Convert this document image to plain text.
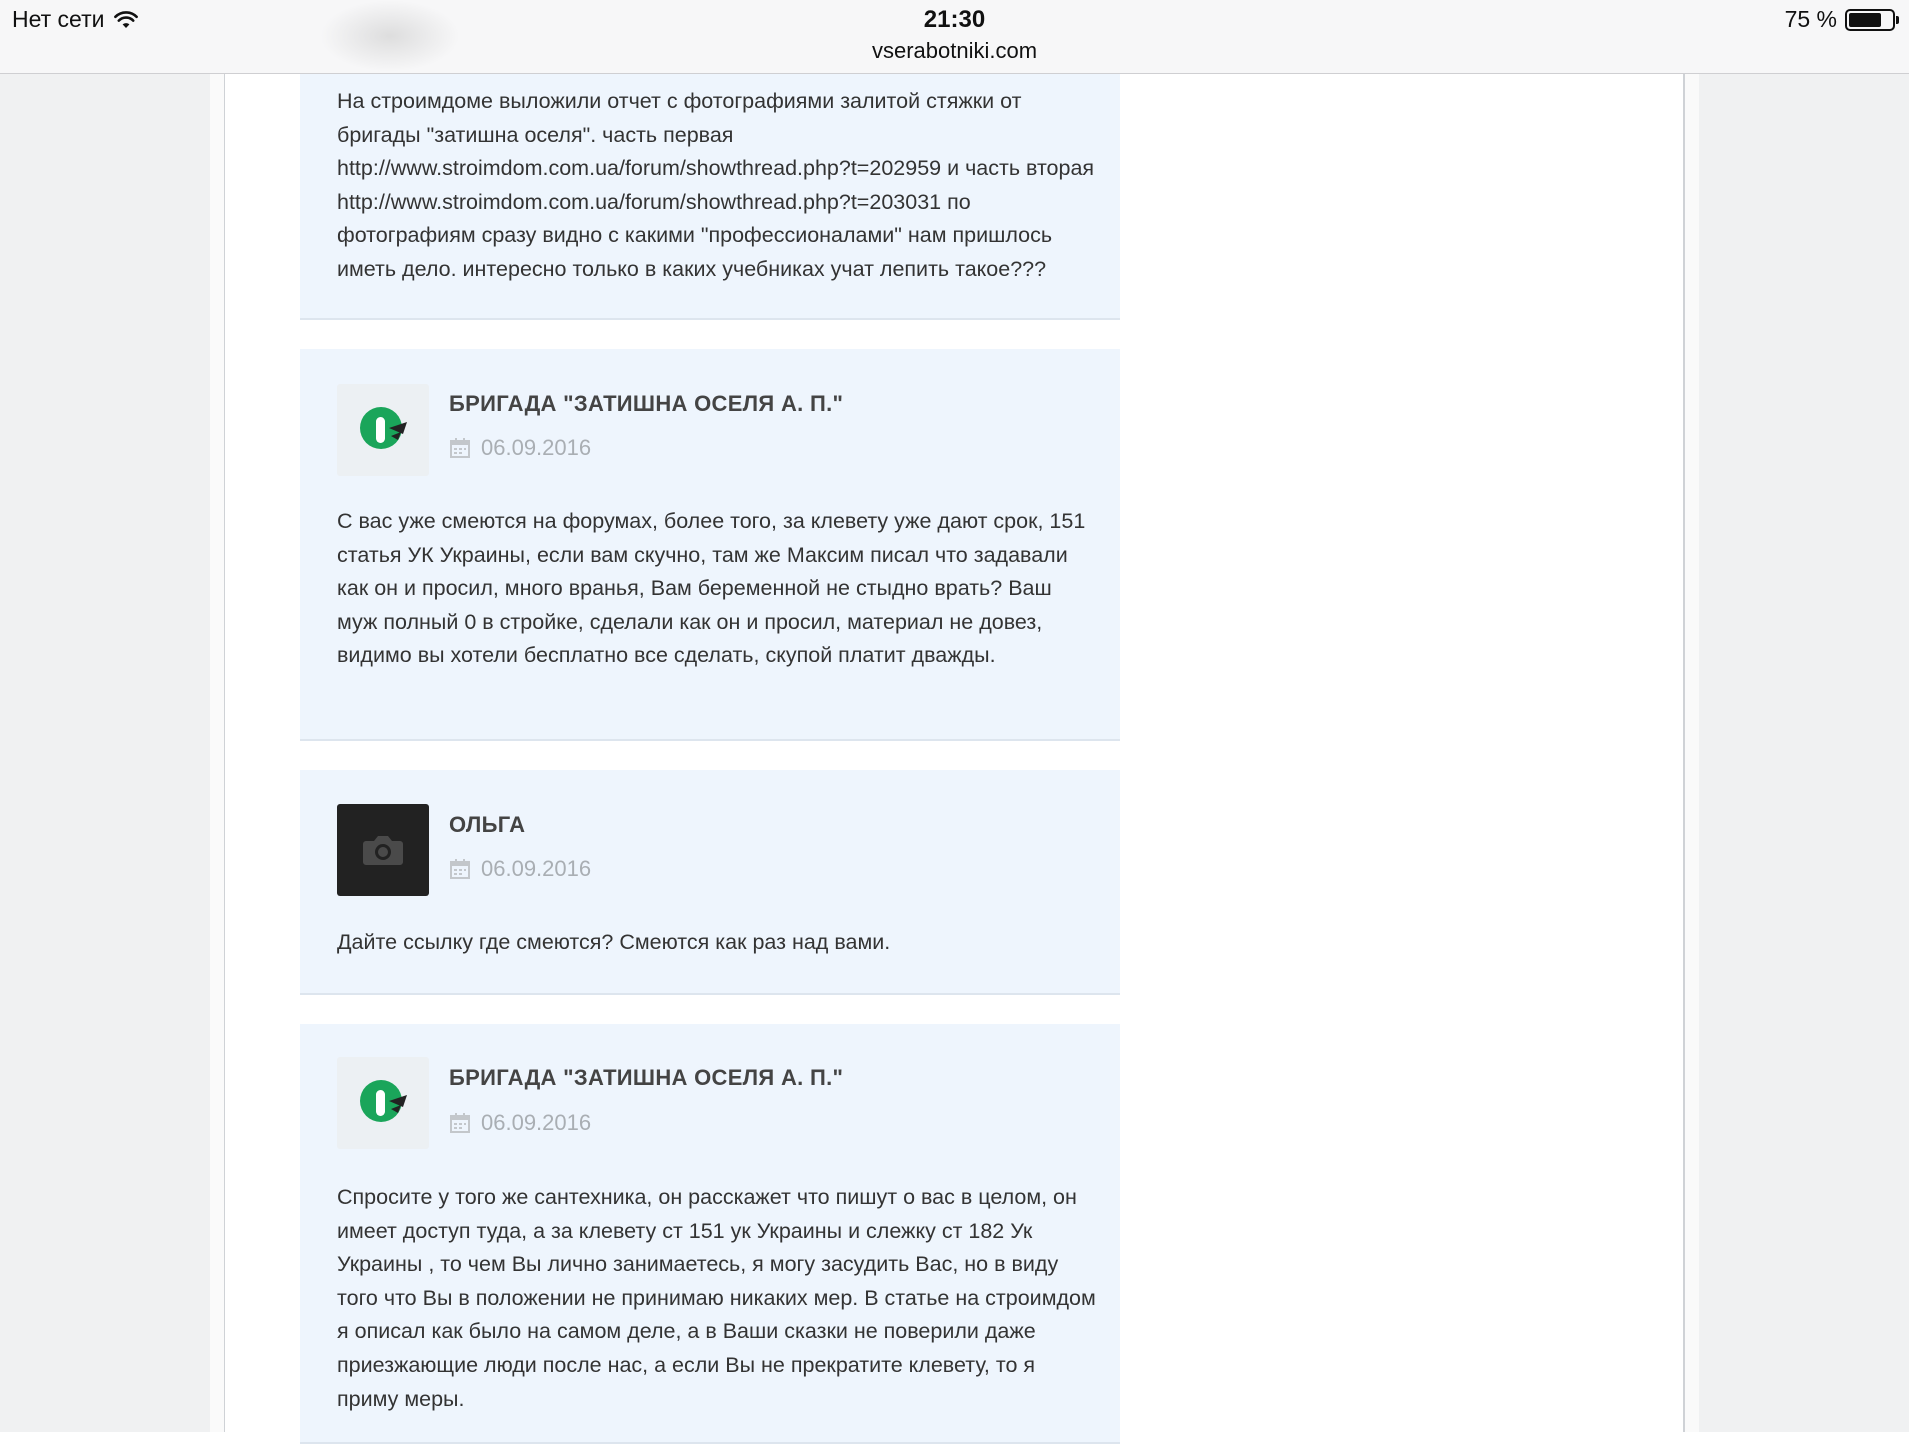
Нет сети	21:30
vserabotniki.com
75 %
На строимдоме выложили отчет с фотографиями залитой стяжки от бригады "затишна оселя". часть первая http://www.stroimdom.com.ua/forum/showthread.php?t=202959 и часть вторая http://www.stroimdom.com.ua/forum/showthread.php?t=203031 по фотографиям сразу видно с какими "профессионалами" нам пришлось иметь дело. интересно только в каких учебниках учат лепить такое???
БРИГАДА "ЗАТИШНА ОСЕЛЯ А. П."
06.09.2016
С вас уже смеются на форумах, более того, за клевету уже дают срок, 151 статья УК Украины, если вам скучно, там же Максим писал что задавали как он и просил, много вранья, Вам беременной не стыдно врать? Ваш муж полный 0 в стройке, сделали как он и просил, материал не довез, видимо вы хотели бесплатно все сделать, скупой платит дважды.
ОЛЬГА
06.09.2016
Дайте ссылку где смеются? Смеются как раз над вами.
БРИГАДА "ЗАТИШНА ОСЕЛЯ А. П."
06.09.2016
Спросите у того же сантехника, он расскажет что пишут о вас в целом, он имеет доступ туда, а за клевету ст 151 ук Украины и слежку ст 182 Ук Украины , то чем Вы лично занимаетесь, я могу засудить Вас, но в виду того что Вы в положении не принимаю никаких мер. В статье на строимдом я описал как было на самом деле, а в Ваши сказки не поверили даже приезжающие люди после нас, а если Вы не прекратите клевету, то я приму меры.
